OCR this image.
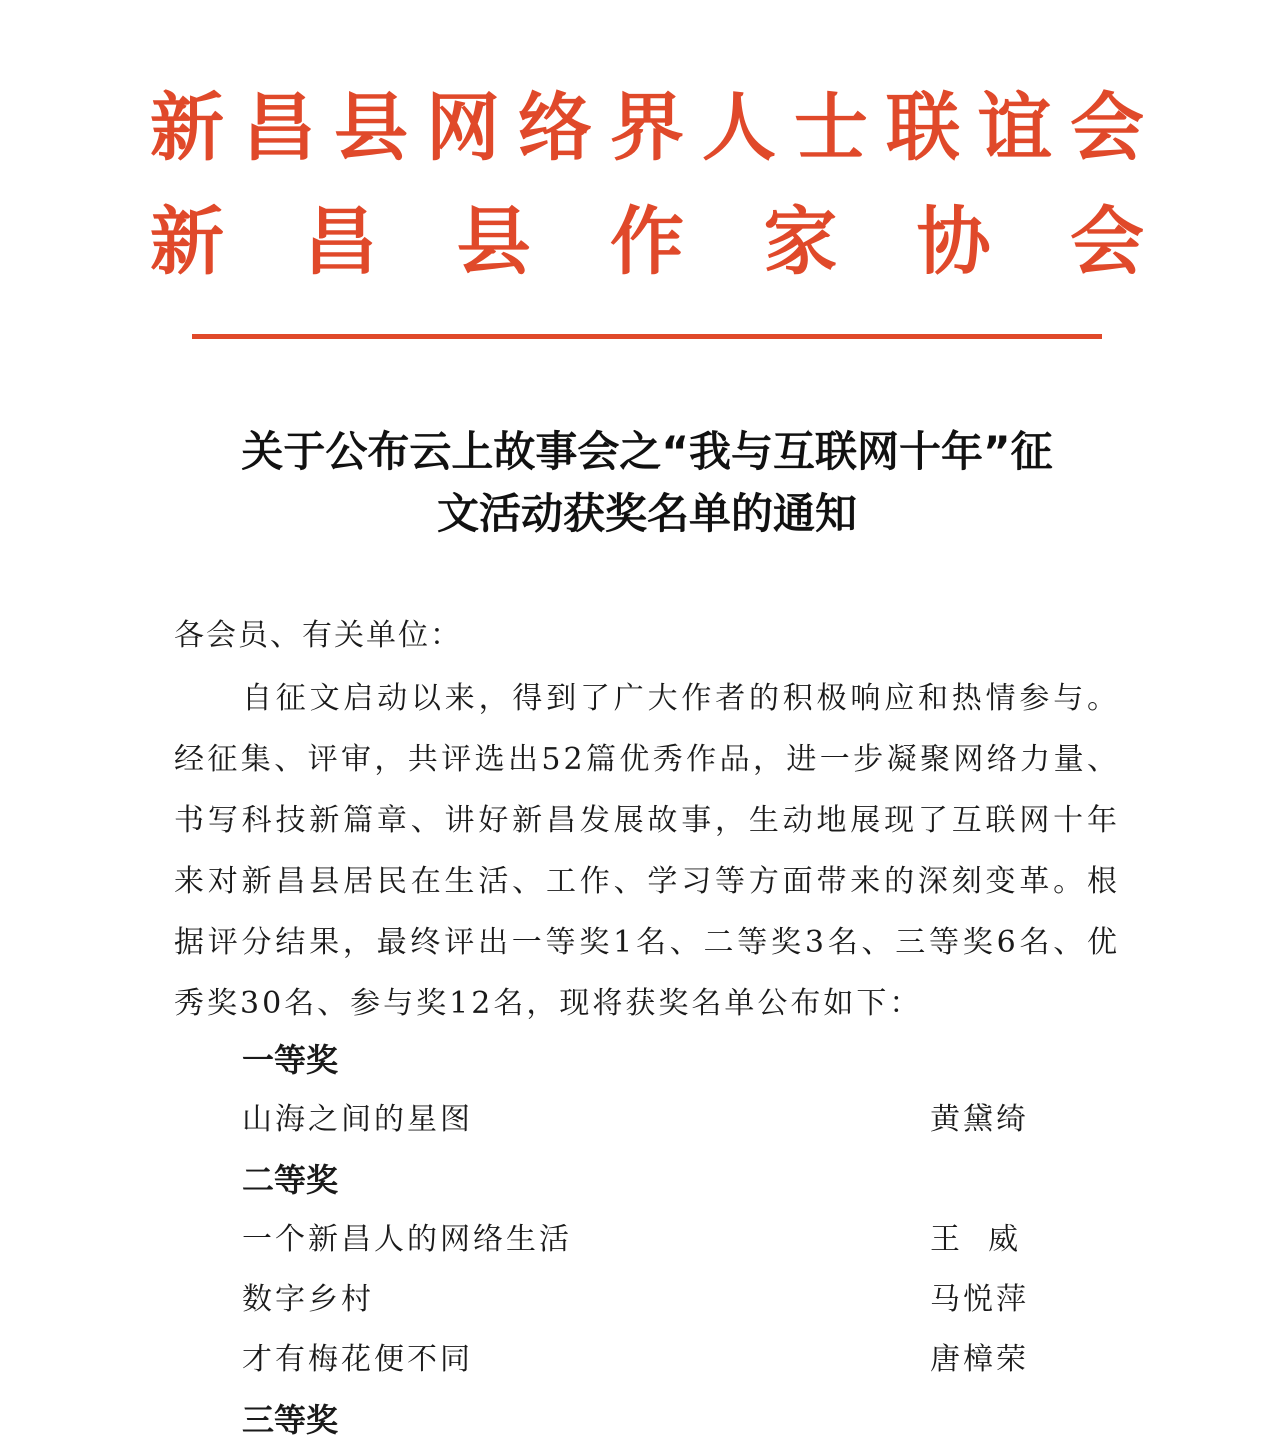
新 昌 县 网 络 界 人 士 联 谊 会
新 昌 县 作 家 协 会
关于公布云上故事会之“我与互联网十年”征
文活动获奖名单的通知
各会员、有关单位：

自征文启动以来，得到了广大作者的积极响应和热情参与。经征集、评审，共评选出52篇优秀作品，进一步凝聚网络力量、书写科技新篇章、讲好新昌发展故事，生动地展现了互联网十年来对新昌县居民在生活、工作、学习等方面带来的深刻变革。根据评分结果，最终评出一等奖1名、二等奖3名、三等奖6名、优秀奖30名、参与奖12名，现将获奖名单公布如下：

一等奖
山海之间的星图	黄黛绮
二等奖
一个新昌人的网络生活	王  威
数字乡村	马悦萍
才有梅花便不同	唐樟荣
三等奖
